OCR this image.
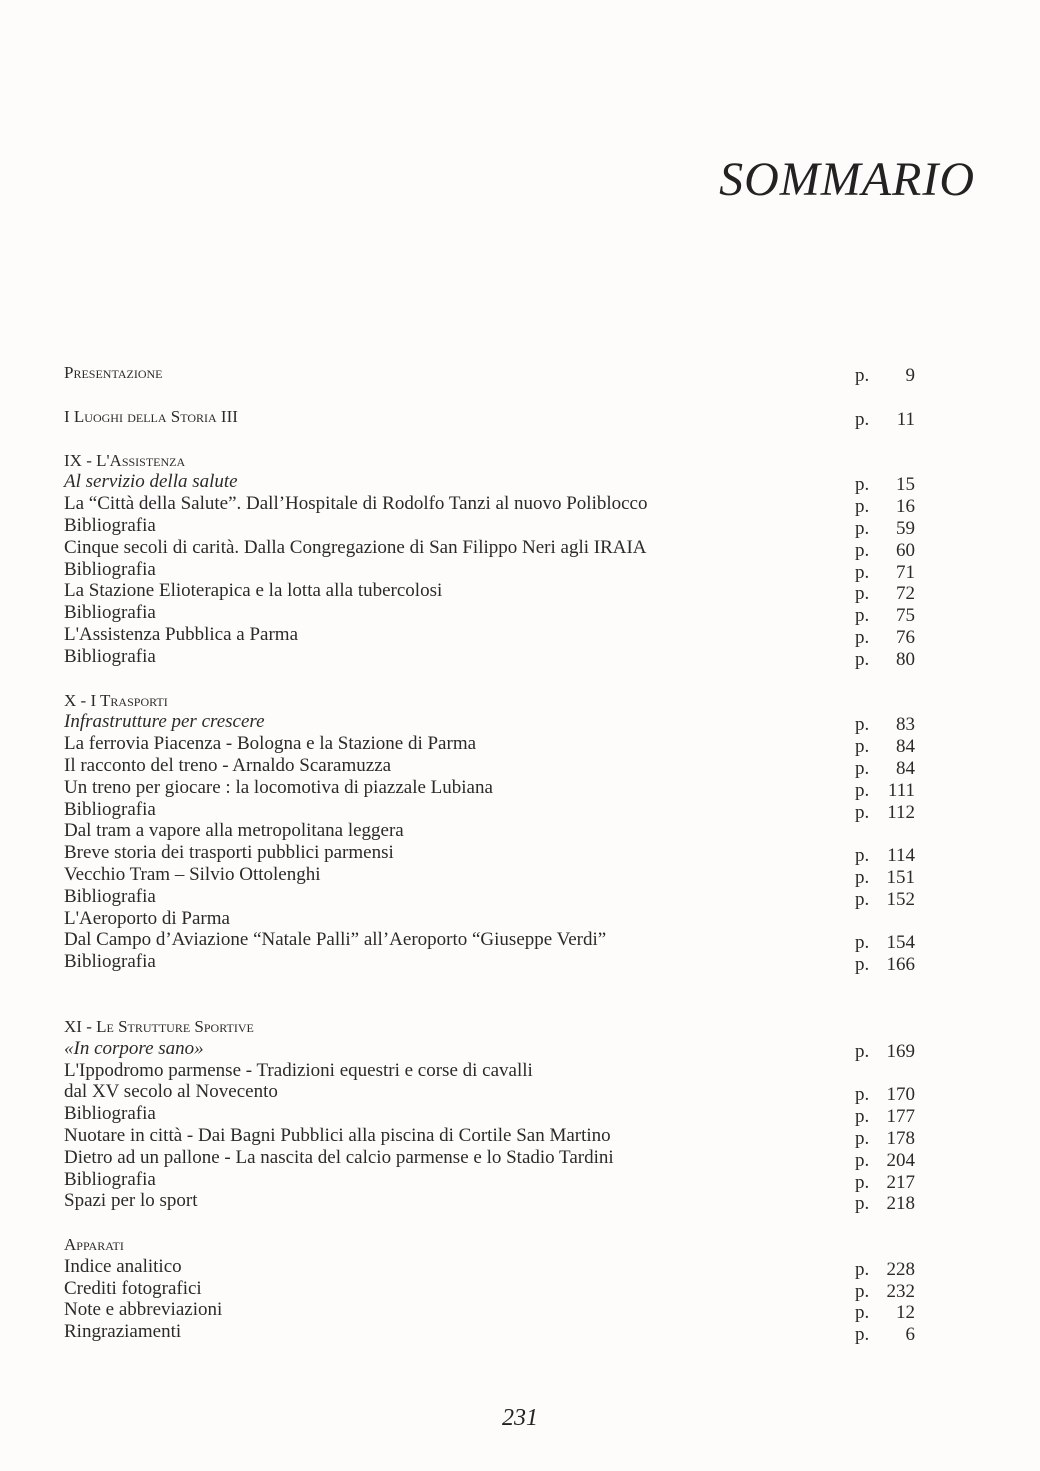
SOMMARIO
Presentazione	p. 9
I Luoghi della Storia III	p. 11
IX - L'Assistenza
Al servizio della salute	p. 15
La “Città della Salute”. Dall’Hospitale di Rodolfo Tanzi al nuovo Poliblocco	p. 16
Bibliografia	p. 59
Cinque secoli di carità. Dalla Congregazione di San Filippo Neri agli IRAIA	p. 60
Bibliografia	p. 71
La Stazione Elioterapica e la lotta alla tubercolosi	p. 72
Bibliografia	p. 75
L'Assistenza Pubblica a Parma	p. 76
Bibliografia	p. 80
X - I Trasporti
Infrastrutture per crescere	p. 83
La ferrovia Piacenza - Bologna e la Stazione di Parma	p. 84
Il racconto del treno - Arnaldo Scaramuzza	p. 84
Un treno per giocare : la locomotiva di piazzale Lubiana	p. 111
Bibliografia	p. 112
Dal tram a vapore alla metropolitana leggera
Breve storia dei trasporti pubblici parmensi	p. 114
Vecchio Tram – Silvio Ottolenghi	p. 151
Bibliografia	p. 152
L'Aeroporto di Parma
Dal Campo d’Aviazione “Natale Palli” all’Aeroporto “Giuseppe Verdi”	p. 154
Bibliografia	p. 166
XI - Le Strutture Sportive
«In corpore sano»	p. 169
L'Ippodromo parmense - Tradizioni equestri e corse di cavalli
dal XV secolo al Novecento	p. 170
Bibliografia	p. 177
Nuotare in città - Dai Bagni Pubblici alla piscina di Cortile San Martino	p. 178
Dietro ad un pallone - La nascita del calcio parmense e lo Stadio Tardini	p. 204
Bibliografia	p. 217
Spazi per lo sport	p. 218
Apparati
Indice analitico	p. 228
Crediti fotografici	p. 232
Note e abbreviazioni	p. 12
Ringraziamenti	p. 6
231
